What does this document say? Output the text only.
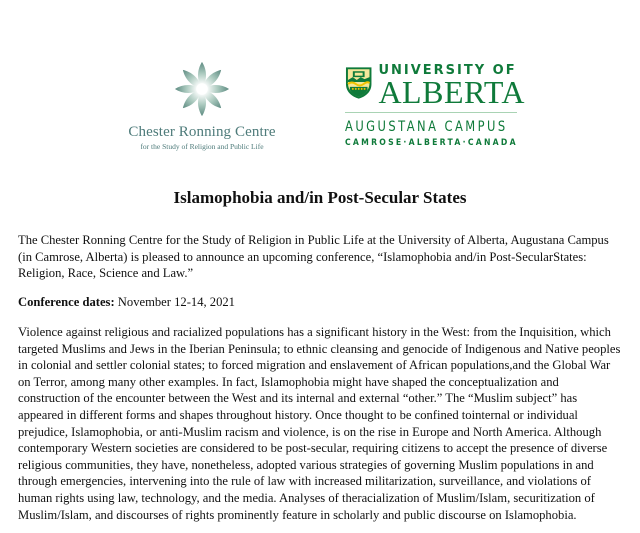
Chester Ronning Centre
for the Study of Religion and Public Life
UNIVERSITY OF
ALBERTA
AUGUSTANA CAMPUS
CAMROSE·ALBERTA·CANADA
Islamophobia and/in Post-Secular States

The Chester Ronning Centre for the Study of Religion in Public Life at the University of Alberta, Augustana Campus (in Camrose, Alberta) is pleased to announce an upcoming conference, “Islamophobia and/in Post-SecularStates: Religion, Race, Science and Law.”

Conference dates: November 12-14, 2021

Violence against religious and racialized populations has a significant history in the West: from the Inquisition, which targeted Muslims and Jews in the Iberian Peninsula; to ethnic cleansing and genocide of Indigenous and Native peoples in colonial and settler colonial states; to forced migration and enslavement of African populations,and the Global War on Terror, among many other examples. In fact, Islamophobia might have shaped the conceptualization and construction of the encounter between the West and its internal and external “other.” The “Muslim subject” has appeared in different forms and shapes throughout history. Once thought to be confined tointernal or individual prejudice, Islamophobia, or anti-Muslim racism and violence, is on the rise in Europe and North America. Although contemporary Western societies are considered to be post-secular, requiring citizens to accept the presence of diverse religious communities, they have, nonetheless, adopted various strategies of governing Muslim populations in and through emergencies, intervening into the rule of law with increased militarization, surveillance, and violations of human rights using law, technology, and the media. Analyses of theracialization of Muslim/Islam, securitization of Muslim/Islam, and discourses of rights prominently feature in scholarly and public discourse on Islamophobia.
